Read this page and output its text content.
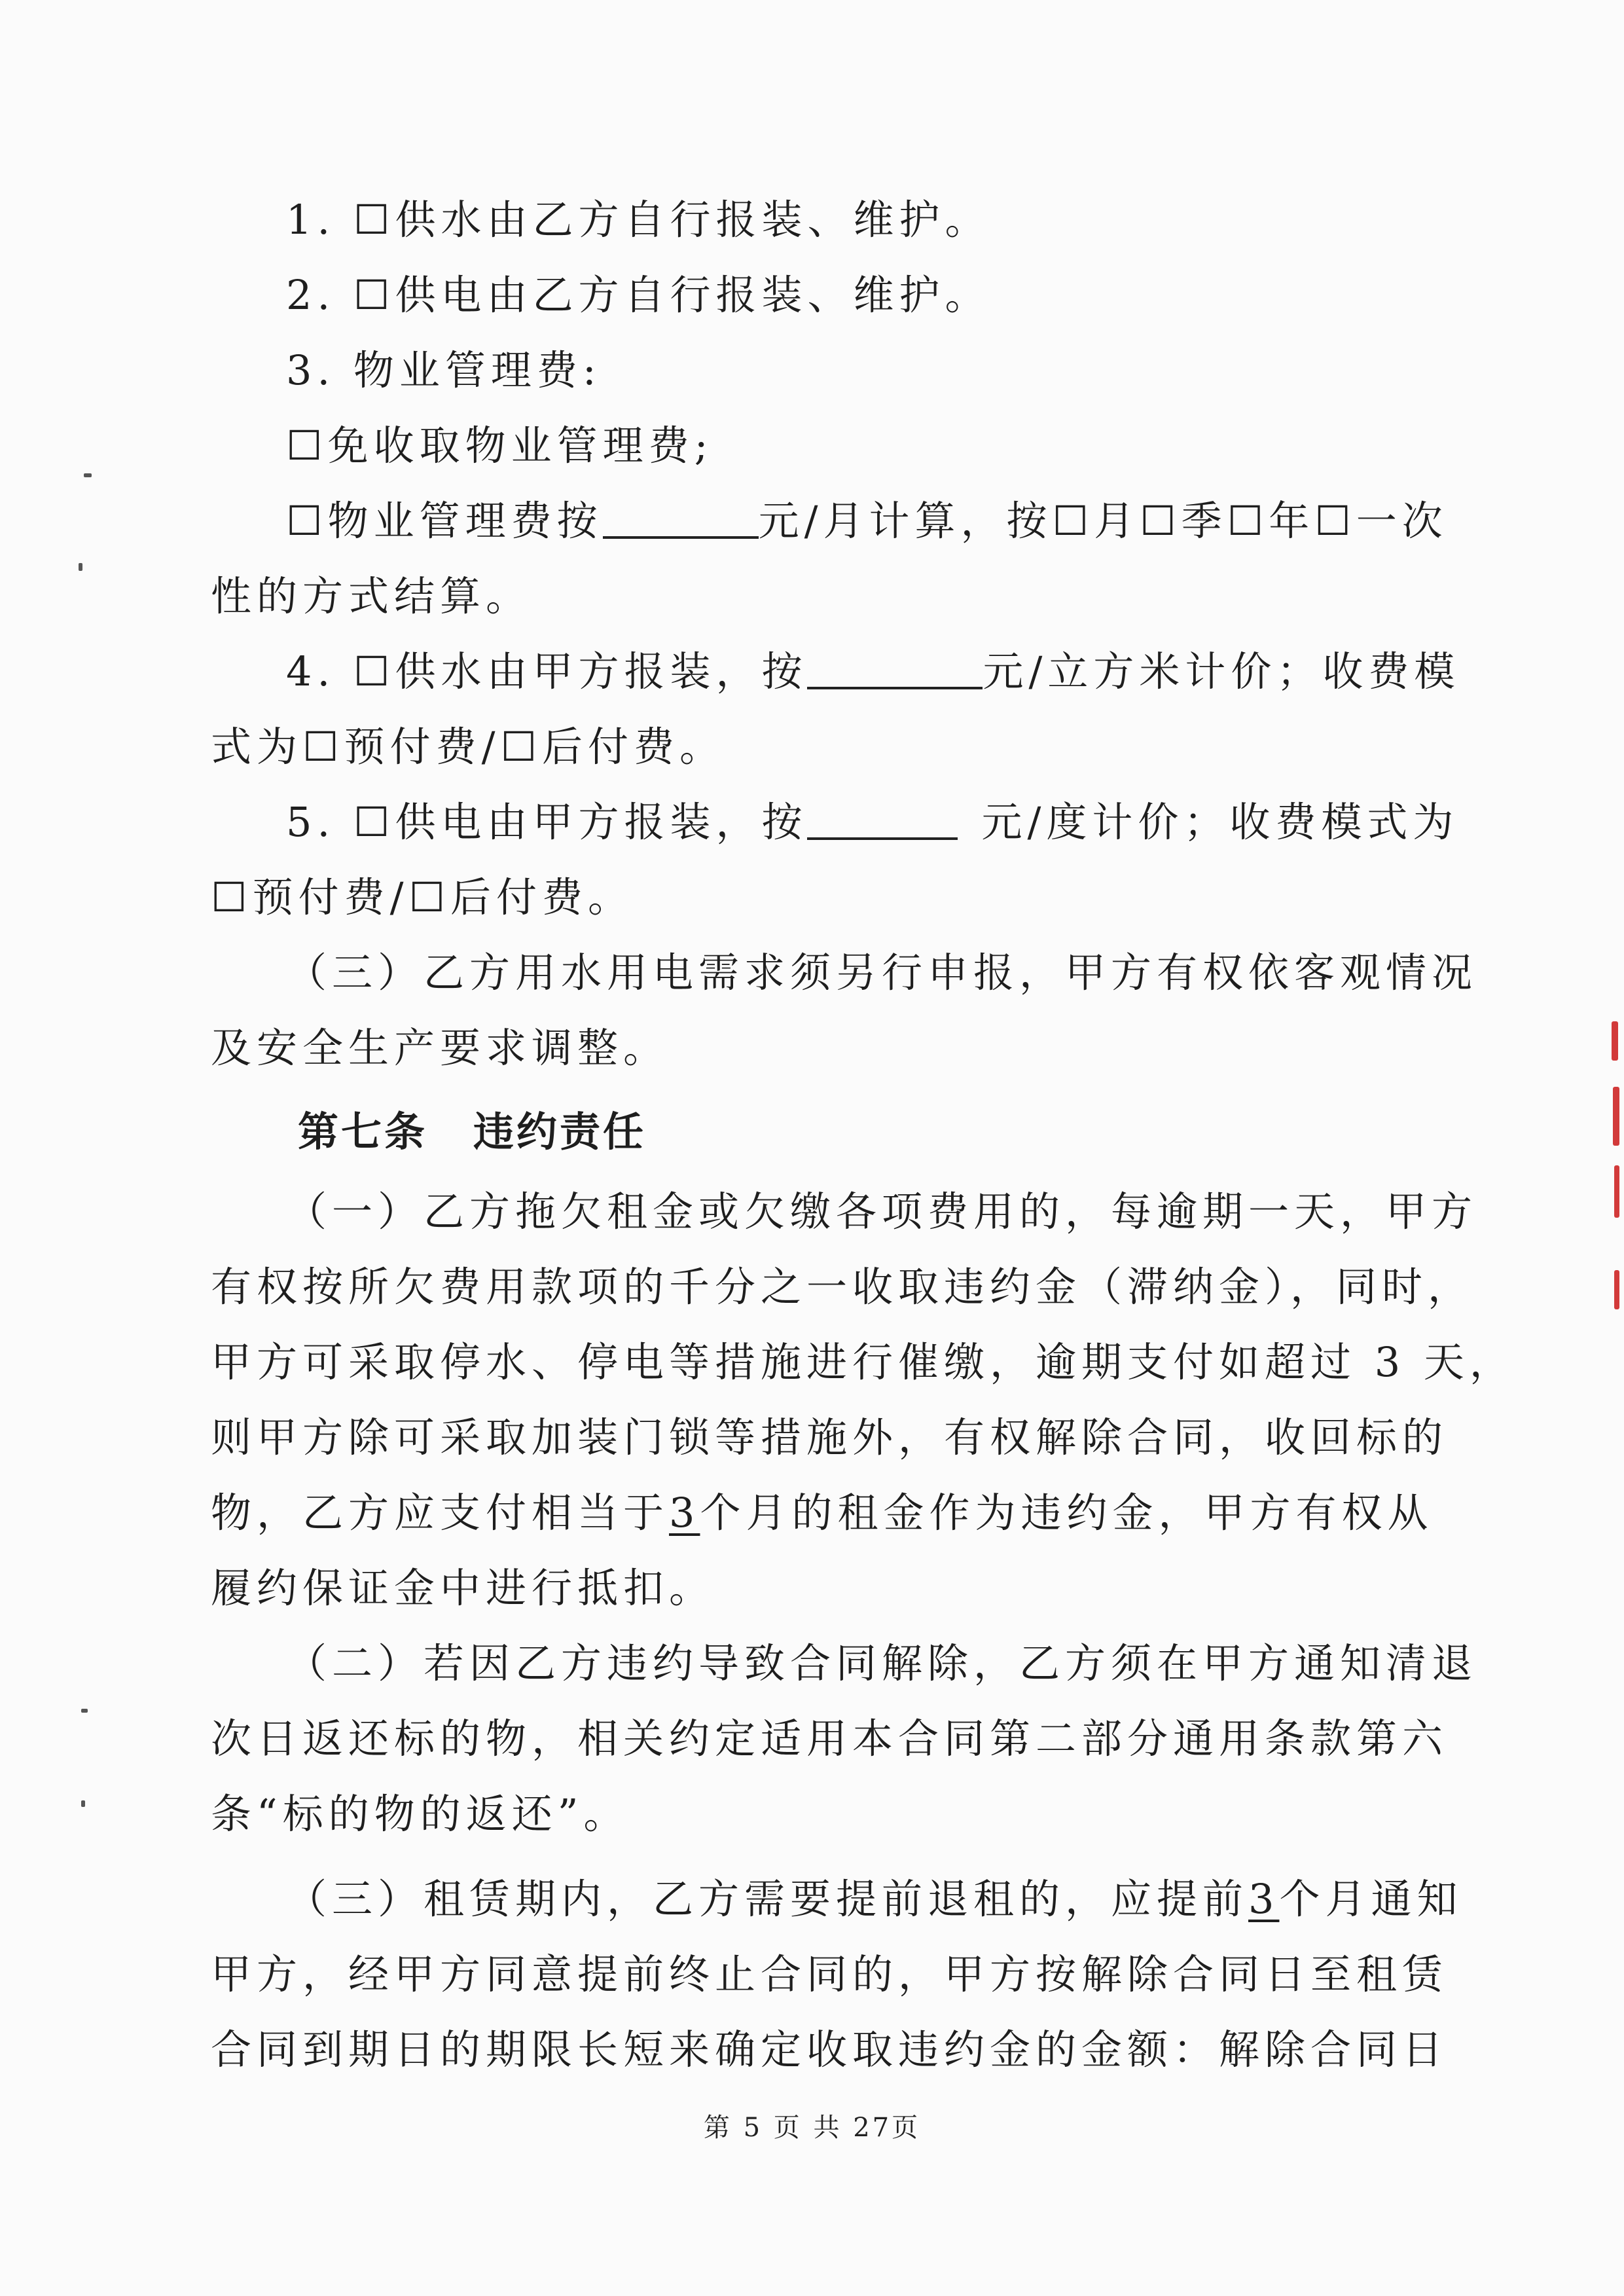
1. ☐供水由乙方自行报装、维护。
2. ☐供电由乙方自行报装、维护。
3. 物业管理费:
☐免收取物业管理费;
☐物业管理费按	元/月计算，按☐月☐季☐年☐一次
性的方式结算。
4. ☐供水由甲方报装，按	元/立方米计价；收费模
式为☐预付费/☐后付费。
5. ☐供电由甲方报装，按	元/度计价；收费模式为
☐预付费/☐后付费。
（三）乙方用水用电需求须另行申报，甲方有权依客观情况
及安全生产要求调整。
第七条 违约责任
（一）乙方拖欠租金或欠缴各项费用的，每逾期一天，甲方
有权按所欠费用款项的千分之一收取违约金（滞纳金），同时，
甲方可采取停水、停电等措施进行催缴，逾期支付如超过 3 天，
则甲方除可采取加装门锁等措施外，有权解除合同，收回标的
物，乙方应支付相当于3个月的租金作为违约金，甲方有权从
履约保证金中进行抵扣。
（二）若因乙方违约导致合同解除，乙方须在甲方通知清退
次日返还标的物，相关约定适用本合同第二部分通用条款第六
条“标的物的返还”。
（三）租赁期内，乙方需要提前退租的，应提前3个月通知
甲方，经甲方同意提前终止合同的，甲方按解除合同日至租赁
合同到期日的期限长短来确定收取违约金的金额：解除合同日
第 5 页 共 27页
